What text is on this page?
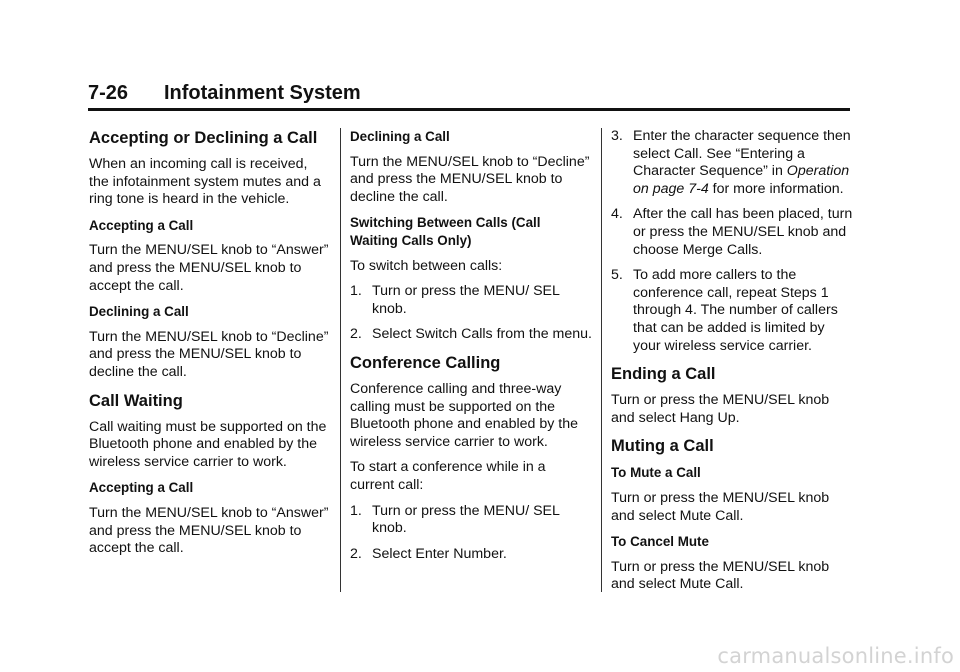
7-26 Infotainment System
Accepting or Declining a Call

When an incoming call is received, the infotainment system mutes and a ring tone is heard in the vehicle.

Accepting a Call

Turn the MENU/SEL knob to “Answer” and press the MENU/SEL knob to accept the call.

Declining a Call

Turn the MENU/SEL knob to “Decline” and press the MENU/SEL knob to decline the call.

Call Waiting

Call waiting must be supported on the Bluetooth phone and enabled by the wireless service carrier to work.

Accepting a Call

Turn the MENU/SEL knob to “Answer” and press the MENU/SEL knob to accept the call.

Declining a Call

Turn the MENU/SEL knob to “Decline” and press the MENU/SEL knob to decline the call.

Switching Between Calls (Call Waiting Calls Only)

To switch between calls:

1. Turn or press the MENU/ SEL knob.
2. Select Switch Calls from the menu.
Conference Calling

Conference calling and three-way calling must be supported on the Bluetooth phone and enabled by the wireless service carrier to work.

To start a conference while in a current call:

1. Turn or press the MENU/ SEL knob.
2. Select Enter Number.
3. Enter the character sequence then select Call. See “Entering a Character Sequence” in Operation on page 7‑4 for more information.
4. After the call has been placed, turn or press the MENU/SEL knob and choose Merge Calls.
5. To add more callers to the conference call, repeat Steps 1 through 4. The number of callers that can be added is limited by your wireless service carrier.
Ending a Call

Turn or press the MENU/SEL knob and select Hang Up.

Muting a Call

To Mute a Call

Turn or press the MENU/SEL knob and select Mute Call.

To Cancel Mute

Turn or press the MENU/SEL knob and select Mute Call.

carmanualsonline.info
